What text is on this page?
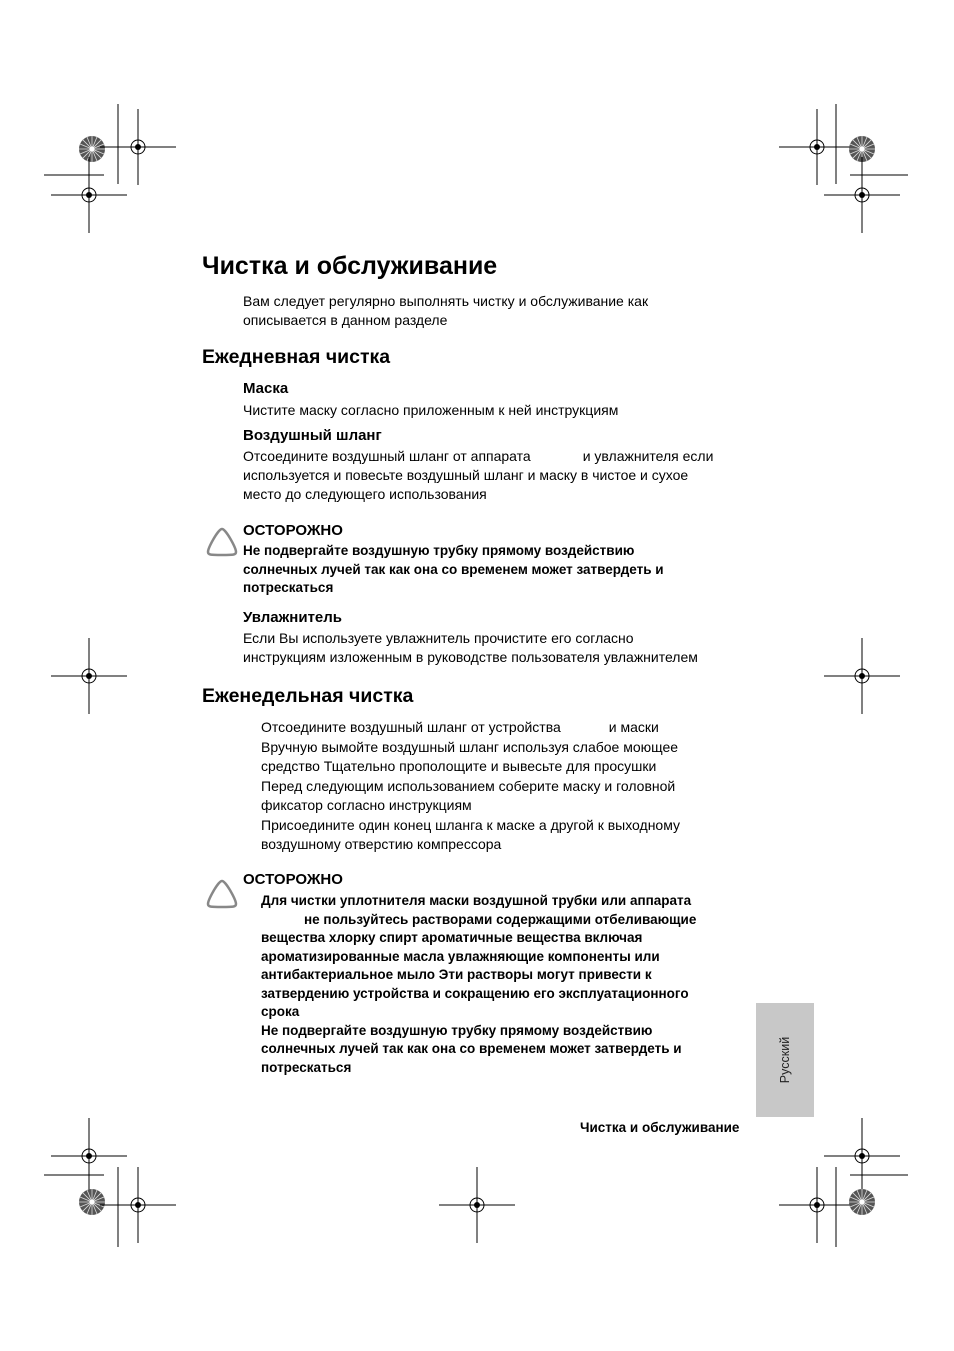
Чистка и обслуживание

Вам следует регулярно выполнять чистку и обслуживание как
описывается в данном разделе

Ежедневная чистка
Маска

Чистите маску согласно приложенным к ней инструкциям

Воздушный шланг

Отсоедините воздушный шланг от аппарата	и увлажнителя если
используется и повесьте воздушный шланг и маску в чистое и сухое
место до следующего использования

ОСТОРОЖНО

Не подвергайте воздушную трубку прямому воздействию
солнечных лучей так как она со временем может затвердеть и
потрескаться

Увлажнитель

Если Вы используете увлажнитель прочистите его согласно
инструкциям изложенным в руководстве пользователя увлажнителем

Еженедельная чистка

Отсоедините воздушный шланг от устройства	и маски
Вручную вымойте воздушный шланг используя слабое моющее
средство Тщательно прополощите и вывесьте для просушки
Перед следующим использованием соберите маску и головной
фиксатор согласно инструкциям
Присоедините один конец шланга к маске а другой к выходному
воздушному отверстию компрессора

ОСТОРОЖНО

Для чистки уплотнителя маски воздушной трубки или аппарата
не пользуйтесь растворами содержащими отбеливающие
вещества хлорку спирт ароматичные вещества включая
ароматизированные масла увлажняющие компоненты или
антибактериальное мыло Эти растворы могут привести к
затвердению устройства и сокращению его эксплуатационного
срока
Не подвергайте воздушную трубку прямому воздействию
солнечных лучей так как она со временем может затвердеть и
потрескаться	Русский
Чистка и обслуживание
